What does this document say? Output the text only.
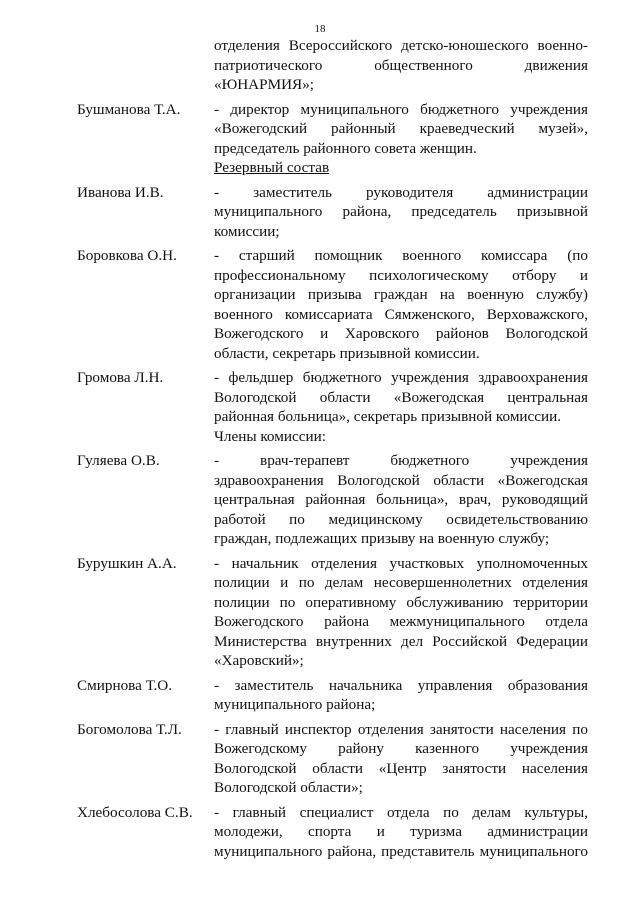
18
отделения Всероссийского детско-юношеского военно-
патриотического общественного движения
«ЮНАРМИЯ»;
Бушманова Т.А.	- директор муниципального бюджетного учреждения
«Вожегодский районный краеведческий музей»,
председатель районного совета женщин.
Резервный состав
Иванова И.В.	- заместитель руководителя администрации
муниципального района, председатель призывной
комиссии;
Боровкова О.Н.	- старший помощник военного комиссара (по
профессиональному психологическому отбору и
организации призыва граждан на военную службу)
военного комиссариата Сямженского, Верховажского,
Вожегодского и Харовского районов Вологодской
области, секретарь призывной комиссии.
Громова Л.Н.	- фельдшер бюджетного учреждения здравоохранения
Вологодской области «Вожегодская центральная
районная больница», секретарь призывной комиссии.
Члены комиссии:
Гуляева О.В.	- врач-терапевт бюджетного учреждения
здравоохранения Вологодской области «Вожегодская
центральная районная больница», врач, руководящий
работой по медицинскому освидетельствованию
граждан, подлежащих призыву на военную службу;
Бурушкин А.А.	- начальник отделения участковых уполномоченных
полиции и по делам несовершеннолетних отделения
полиции по оперативному обслуживанию территории
Вожегодского района межмуниципального отдела
Министерства внутренних дел Российской Федерации
«Харовский»;
Смирнова Т.О.	- заместитель начальника управления образования
муниципального района;
Богомолова Т.Л.	- главный инспектор отделения занятости населения по
Вожегодскому району казенного учреждения
Вологодской области «Центр занятости населения
Вологодской области»;
Хлебосолова С.В.	- главный специалист отдела по делам культуры,
молодежи, спорта и туризма администрации
муниципального района, представитель муниципального
